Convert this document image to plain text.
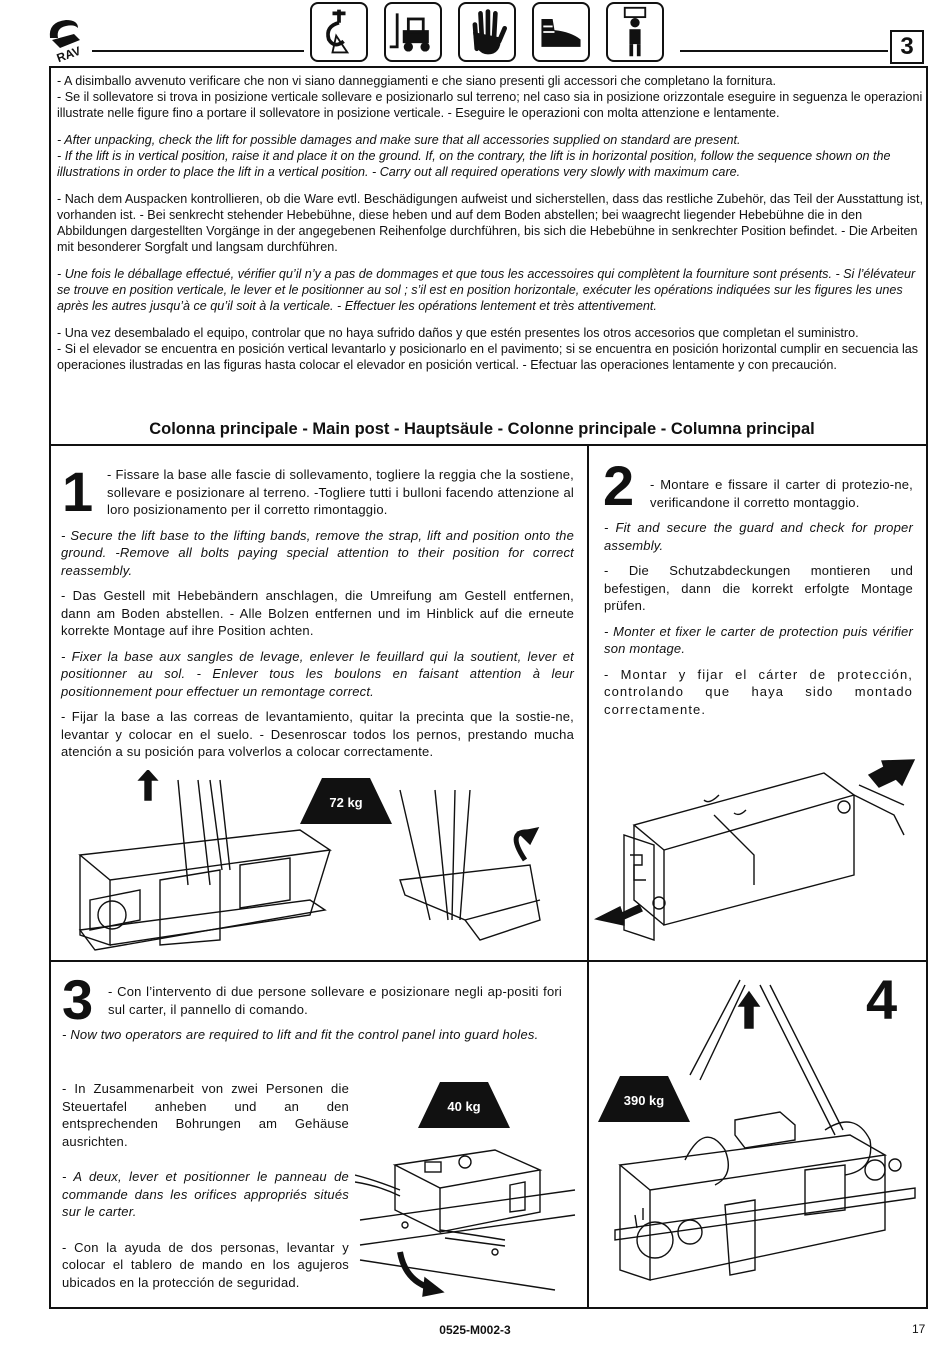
RAV	3

- A disimballo avvenuto verificare che non vi siano danneggiamenti e che siano presenti gli accessori che completano la fornitura.
- Se il sollevatore si trova in posizione verticale sollevare e posizionarlo sul terreno; nel caso sia in posizione orizzontale eseguire in seguenza le operazioni illustrate nelle figure fino a portare il sollevatore in posizione verticale. - Eseguire le operazioni con molta attenzione e lentamente.

- After unpacking, check the lift for possible damages and make sure that all accessories supplied on standard are present.
- If the lift is in vertical position, raise it and place it on the ground. If, on the contrary, the lift is in horizontal position, follow the sequence shown on the illustrations in order to place the lift in a vertical position. - Carry out all required operations very slowly with maximum care.

- Nach dem Auspacken kontrollieren, ob die Ware evtl. Beschädigungen aufweist und sicherstellen, dass das restliche Zubehör, das Teil der Ausstattung ist, vorhanden ist. - Bei senkrecht stehender Hebebühne, diese heben und auf dem Boden abstellen; bei waagrecht liegender Hebebühne die in den Abbildungen dargestellten Vorgänge in der angegebenen Reihenfolge durchführen, bis sich die Hebebühne in senkrechter Position befindet. - Die Arbeiten mit besonderer Sorgfalt und langsam durchführen.

- Une fois le déballage effectué, vérifier qu’il n’y a pas de dommages et que tous les accessoires qui complètent la fourniture sont présents. - Si l’élévateur se trouve en position verticale, le lever et le positionner au sol ; s’il est en position horizontale, exécuter les opérations indiquées sur les figures les unes après les autres jusqu’à ce qu’il soit à la verticale. - Effectuer les opérations lentement et très attentivement.

- Una vez desembalado el equipo, controlar que no haya sufrido daños y que estén presentes los otros accesorios que completan el suministro.
- Si el elevador se encuentra en posición vertical levantarlo y posicionarlo en el pavimento; si se encuentra en posición horizontal cumplir en secuencia las operaciones ilustradas en las figuras hasta colocar el elevador en posición vertical. - Efectuar las operaciones lentamente y con precaución.

Colonna principale - Main post - Hauptsäule - Colonne principale - Columna principal
1 - Fissare la base alle fascie di sollevamento, togliere la reggia che la sostiene, sollevare e posizionare al terreno. -Togliere tutti i bulloni facendo attenzione al loro posizionamento per il corretto rimontaggio.

- Secure the lift base to the lifting bands, remove the strap, lift and position onto the ground. -Remove all bolts paying special attention to their position for correct reassembly.

- Das Gestell mit Hebebändern anschlagen, die Umreifung am Gestell entfernen, dann am Boden abstellen. - Alle Bolzen entfernen und im Hinblick auf die erneute korrekte Montage auf ihre Position achten.

- Fixer la base aux sangles de levage, enlever le feuillard qui la soutient, lever et positionner au sol. - Enlever tous les boulons en faisant attention à leur positionnement pour effectuer un remontage correct.

- Fijar la base a las correas de levantamiento, quitar la precinta que la sostie-ne, levantar y colocar en el suelo. - Desenroscar todos los pernos, prestando mucha atención a su posición para volverlos a colocar correctamente.

72 kg
2 - Montare e fissare il carter di protezio-ne, verificandone il corretto montaggio.

- Fit and secure the guard and check for proper assembly.

- Die Schutzabdeckungen montieren und befestigen, dann die korrekt erfolgte Montage prüfen.

- Monter et fixer le carter de protection puis vérifier son montage.

- Montar y fijar el cárter de protección, controlando que haya sido montado correctamente.

3 - Con l’intervento di due persone sollevare e posizionare negli ap-positi fori sul carter, il pannello di comando.

- Now two operators are required to lift and fit the control panel into guard holes.

- In Zusammenarbeit von zwei Personen die Steuertafel anheben und an den entsprechenden Bohrungen am Gehäuse ausrichten.

- A deux, lever et positionner le panneau de commande dans les orifices appropriés situés sur le carter.

- Con la ayuda de dos personas, levantar y colocar el tablero de mando en los agujeros ubicados en la protección de seguridad.

40 kg
4
390 kg
0525-M002-3	17
